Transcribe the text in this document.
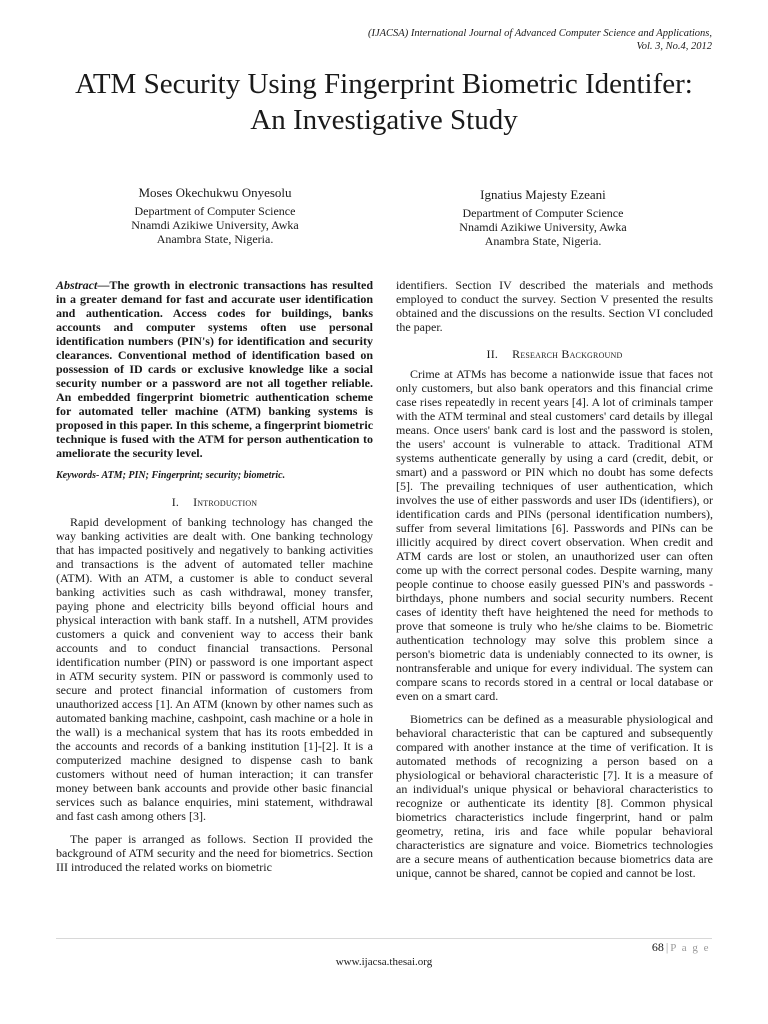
(IJACSA) International Journal of Advanced Computer Science and Applications,
Vol. 3, No.4, 2012
ATM Security Using Fingerprint Biometric Identifer:
An Investigative Study
Moses Okechukwu Onyesolu
Department of Computer Science
Nnamdi Azikiwe University, Awka
Anambra State, Nigeria.
Ignatius Majesty Ezeani
Department of Computer Science
Nnamdi Azikiwe University, Awka
Anambra State, Nigeria.

Abstract—The growth in electronic transactions has resulted in a greater demand for fast and accurate user identification and authentication. Access codes for buildings, banks accounts and computer systems often use personal identification numbers (PIN's) for identification and security clearances. Conventional method of identification based on possession of ID cards or exclusive knowledge like a social security number or a password are not all together reliable. An embedded fingerprint biometric authentication scheme for automated teller machine (ATM) banking systems is proposed in this paper. In this scheme, a fingerprint biometric technique is fused with the ATM for person authentication to ameliorate the security level.

Keywords- ATM; PIN; Fingerprint; security; biometric.

I. Introduction

Rapid development of banking technology has changed the way banking activities are dealt with. One banking technology that has impacted positively and negatively to banking activities and transactions is the advent of automated teller machine (ATM). With an ATM, a customer is able to conduct several banking activities such as cash withdrawal, money transfer, paying phone and electricity bills beyond official hours and physical interaction with bank staff. In a nutshell, ATM provides customers a quick and convenient way to access their bank accounts and to conduct financial transactions. Personal identification number (PIN) or password is one important aspect in ATM security system. PIN or password is commonly used to secure and protect financial information of customers from unauthorized access [1]. An ATM (known by other names such as automated banking machine, cashpoint, cash machine or a hole in the wall) is a mechanical system that has its roots embedded in the accounts and records of a banking institution [1]-[2]. It is a computerized machine designed to dispense cash to bank customers without need of human interaction; it can transfer money between bank accounts and provide other basic financial services such as balance enquiries, mini statement, withdrawal and fast cash among others [3].

The paper is arranged as follows. Section II provided the background of ATM security and the need for biometrics. Section III introduced the related works on biometric

identifiers. Section IV described the materials and methods employed to conduct the survey. Section V presented the results obtained and the discussions on the results. Section VI concluded the paper.

II. Research Background

Crime at ATMs has become a nationwide issue that faces not only customers, but also bank operators and this financial crime case rises repeatedly in recent years [4]. A lot of criminals tamper with the ATM terminal and steal customers' card details by illegal means. Once users' bank card is lost and the password is stolen, the users' account is vulnerable to attack. Traditional ATM systems authenticate generally by using a card (credit, debit, or smart) and a password or PIN which no doubt has some defects [5]. The prevailing techniques of user authentication, which involves the use of either passwords and user IDs (identifiers), or identification cards and PINs (personal identification numbers), suffer from several limitations [6]. Passwords and PINs can be illicitly acquired by direct covert observation. When credit and ATM cards are lost or stolen, an unauthorized user can often come up with the correct personal codes. Despite warning, many people continue to choose easily guessed PIN's and passwords - birthdays, phone numbers and social security numbers. Recent cases of identity theft have heightened the need for methods to prove that someone is truly who he/she claims to be. Biometric authentication technology may solve this problem since a person's biometric data is undeniably connected to its owner, is nontransferable and unique for every individual. The system can compare scans to records stored in a central or local database or even on a smart card.

Biometrics can be defined as a measurable physiological and behavioral characteristic that can be captured and subsequently compared with another instance at the time of verification. It is automated methods of recognizing a person based on a physiological or behavioral characteristic [7]. It is a measure of an individual's unique physical or behavioral characteristics to recognize or authenticate its identity [8]. Common physical biometrics characteristics include fingerprint, hand or palm geometry, retina, iris and face while popular behavioral characteristics are signature and voice. Biometrics technologies are a secure means of authentication because biometrics data are unique, cannot be shared, cannot be copied and cannot be lost.

68 | P a g e
www.ijacsa.thesai.org
